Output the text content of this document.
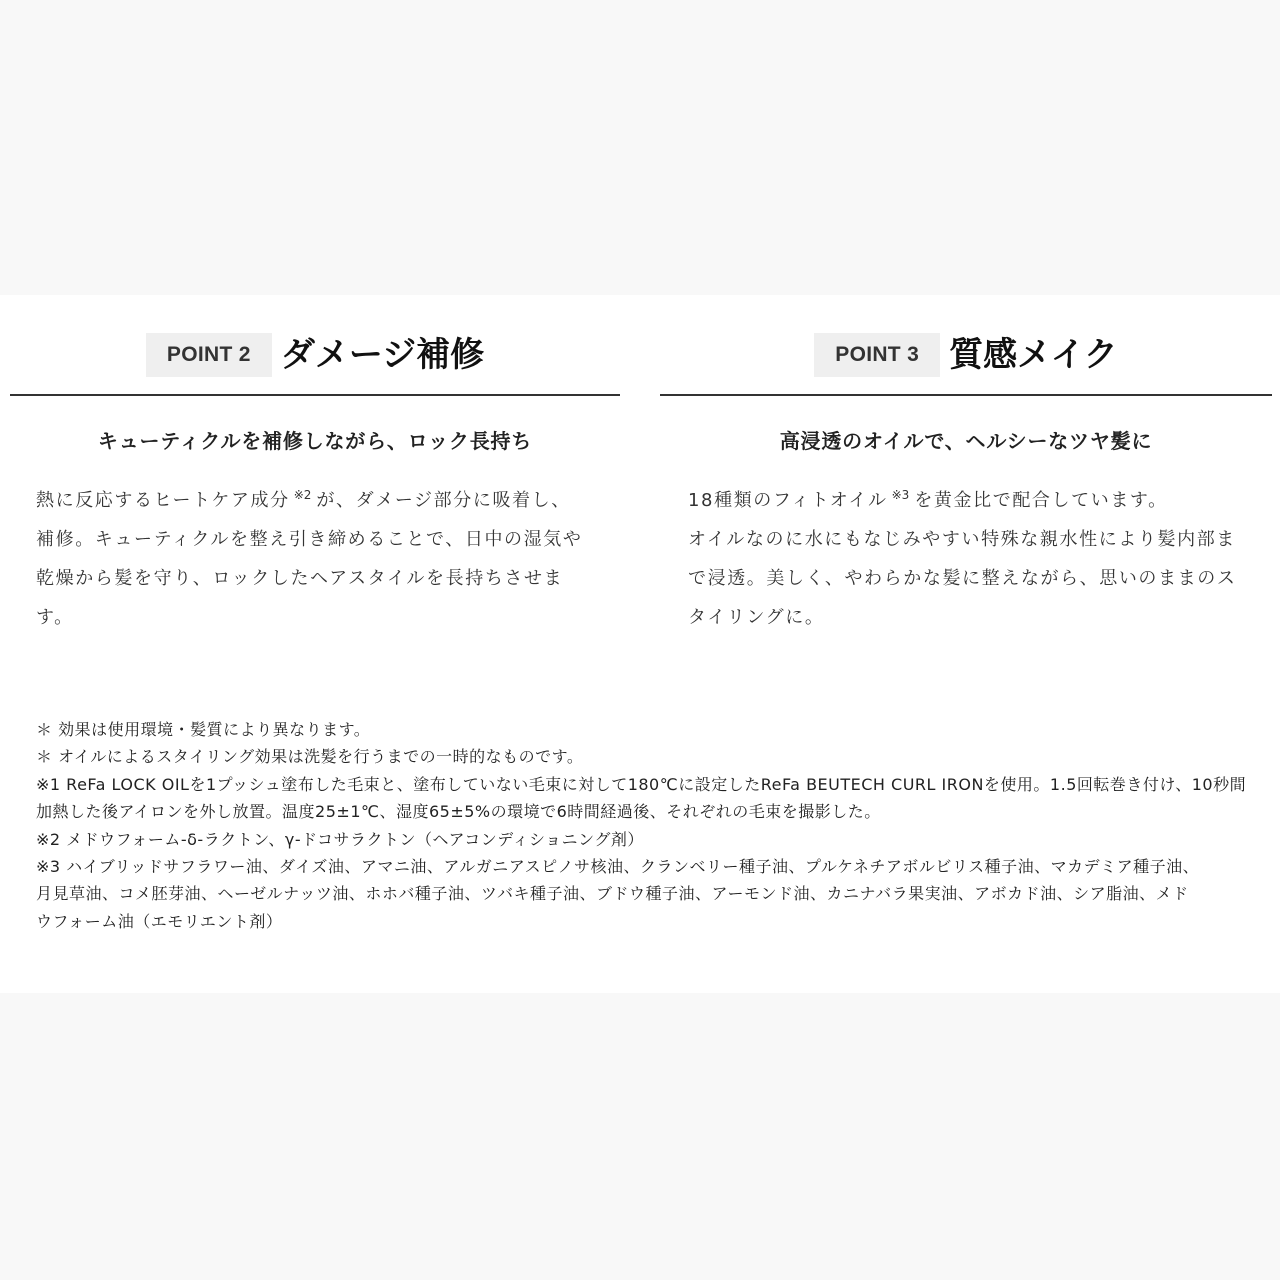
POINT 2 ダメージ補修
キューティクルを補修しながら、ロック長持ち
熱に反応するヒートケア成分 $^{※2}$ が、ダメージ部分に吸着し、
補修。キューティクルを整え引き締めることで、日中の湿気や
乾燥から髪を守り、ロックしたヘアスタイルを長持ちさせま
す。
POINT 3 質感メイク
高浸透のオイルで、ヘルシーなツヤ髪に
18種類のフィトオイル $^{※3}$ を黄金比で配合しています。
オイルなのに水にもなじみやすい特殊な親水性により髪内部ま
で浸透。美しく、やわらかな髪に整えながら、思いのままのス
タイリングに。
＊ 効果は使用環境・髪質により異なります。
＊ オイルによるスタイリング効果は洗髪を行うまでの一時的なものです。
※1 ReFa LOCK OILを1プッシュ塗布した毛束と、塗布していない毛束に対して180℃に設定したReFa BEUTECH CURL IRONを使用。1.5回転巻き付け、10秒間
加熱した後アイロンを外し放置。温度25±1℃、湿度65±5%の環境で6時間経過後、それぞれの毛束を撮影した。
※2 メドウフォーム-δ-ラクトン、γ-ドコサラクトン（ヘアコンディショニング剤）
※3 ハイブリッドサフラワー油、ダイズ油、アマニ油、アルガニアスピノサ核油、クランベリー種子油、プルケネチアボルビリス種子油、マカデミア種子油、
月見草油、コメ胚芽油、ヘーゼルナッツ油、ホホバ種子油、ツバキ種子油、ブドウ種子油、アーモンド油、カニナバラ果実油、アボカド油、シア脂油、メド
ウフォーム油（エモリエント剤）
